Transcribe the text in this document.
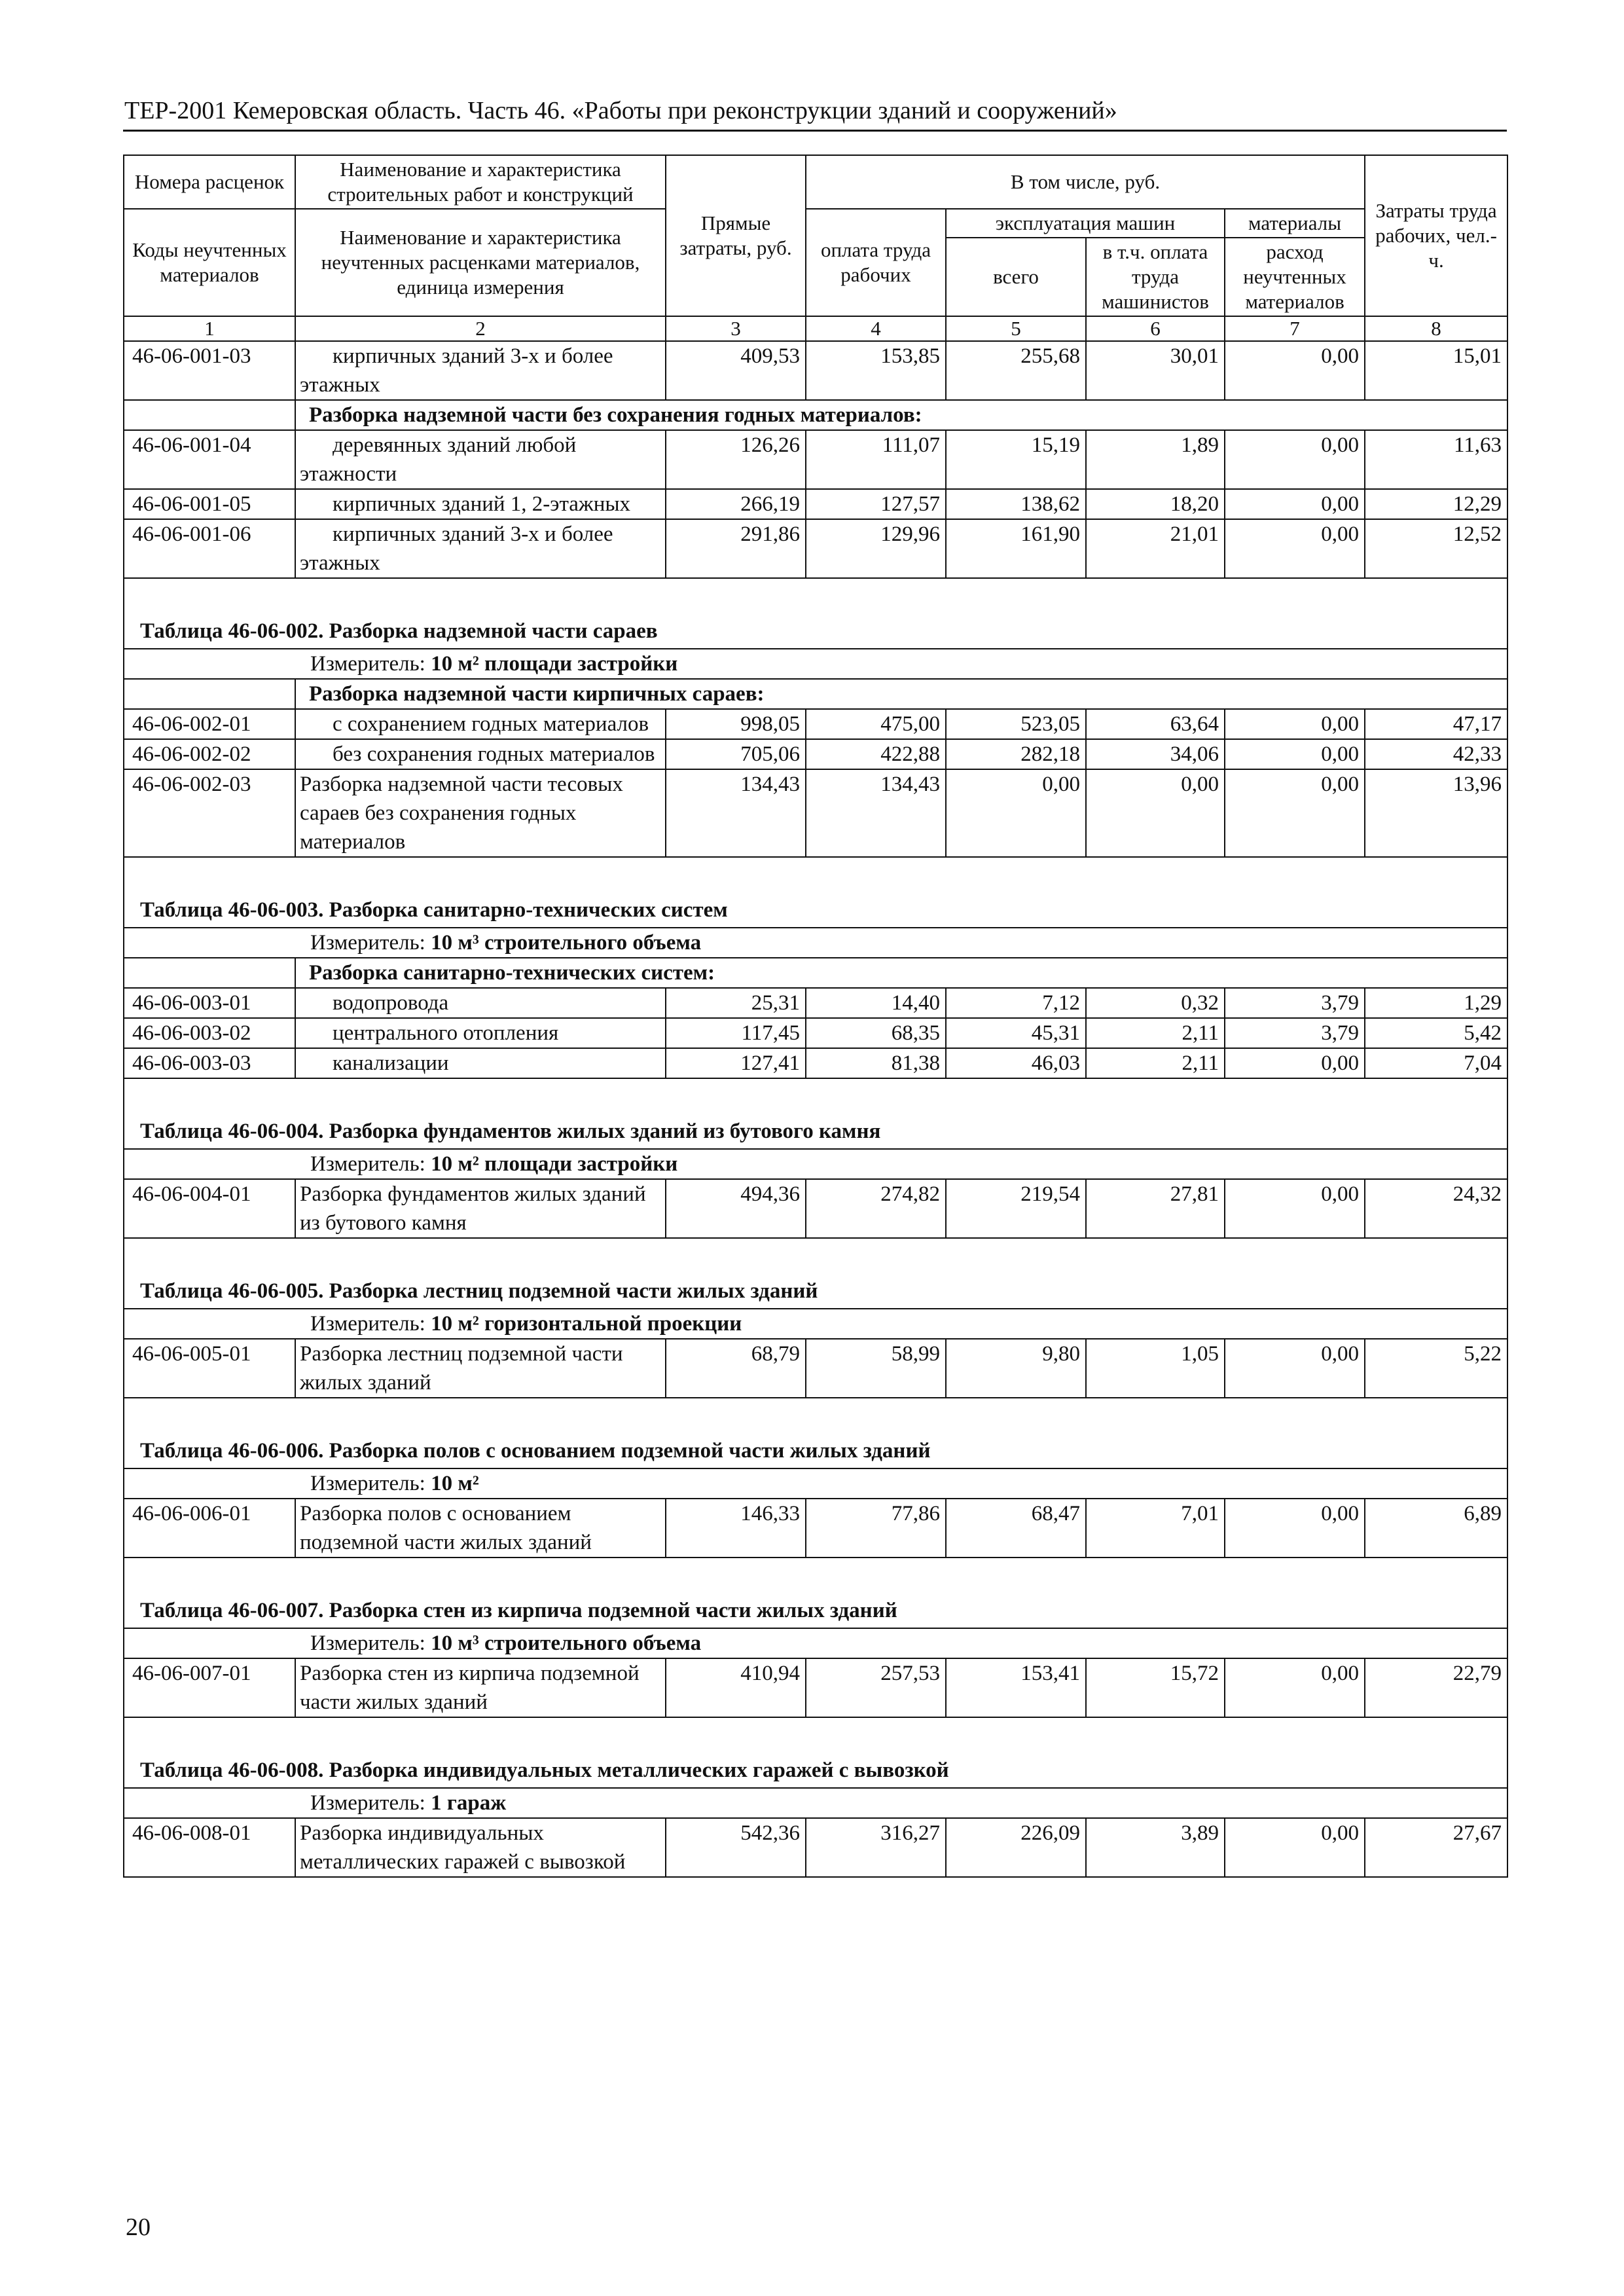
ТЕР-2001 Кемеровская область. Часть 46. «Работы при реконструкции зданий и сооружений»
Номера расценок	Наименование и характеристика строительных работ и конструкций	Прямые затраты, руб.	В том числе, руб.				Затраты труда рабочих, чел.-ч.
Коды неучтенных материалов	Наименование и характеристика неучтенных расценками материалов, единица измерения		оплата труда рабочих	эксплуатация машин		материалы	
				всего	в т.ч. оплата труда машинистов	расход неучтенных материалов	
1	2	3	4	5	6	7	8
46-06-001-03	кирпичных зданий 3-х и более этажных	409,53	153,85	255,68	30,01	0,00	15,01
	Разборка надземной части без сохранения годных материалов:						
46-06-001-04	деревянных зданий любой этажности	126,26	111,07	15,19	1,89	0,00	11,63
46-06-001-05	кирпичных зданий 1, 2-этажных	266,19	127,57	138,62	18,20	0,00	12,29
46-06-001-06	кирпичных зданий 3-х и более этажных	291,86	129,96	161,90	21,01	0,00	12,52
Таблица 46-06-002. Разборка надземной части сараев							
Измеритель: 10 м² площади застройки							
	Разборка надземной части кирпичных сараев:						
46-06-002-01	с сохранением годных материалов	998,05	475,00	523,05	63,64	0,00	47,17
46-06-002-02	без сохранения годных материалов	705,06	422,88	282,18	34,06	0,00	42,33
46-06-002-03	Разборка надземной части тесовых сараев без сохранения годных материалов	134,43	134,43	0,00	0,00	0,00	13,96
Таблица 46-06-003. Разборка санитарно-технических систем							
Измеритель: 10 м³ строительного объема							
	Разборка санитарно-технических систем:						
46-06-003-01	водопровода	25,31	14,40	7,12	0,32	3,79	1,29
46-06-003-02	центрального отопления	117,45	68,35	45,31	2,11	3,79	5,42
46-06-003-03	канализации	127,41	81,38	46,03	2,11	0,00	7,04
Таблица 46-06-004. Разборка фундаментов жилых зданий из бутового камня							
Измеритель: 10 м² площади застройки							
46-06-004-01	Разборка фундаментов жилых зданий из бутового камня	494,36	274,82	219,54	27,81	0,00	24,32
Таблица 46-06-005. Разборка лестниц подземной части жилых зданий							
Измеритель: 10 м² горизонтальной проекции							
46-06-005-01	Разборка лестниц подземной части жилых зданий	68,79	58,99	9,80	1,05	0,00	5,22
Таблица 46-06-006. Разборка полов с основанием подземной части жилых зданий							
Измеритель: 10 м²							
46-06-006-01	Разборка полов с основанием подземной части жилых зданий	146,33	77,86	68,47	7,01	0,00	6,89
Таблица 46-06-007. Разборка стен из кирпича подземной части жилых зданий							
Измеритель: 10 м³ строительного объема							
46-06-007-01	Разборка стен из кирпича подземной части жилых зданий	410,94	257,53	153,41	15,72	0,00	22,79
Таблица 46-06-008. Разборка индивидуальных металлических гаражей с вывозкой							
Измеритель: 1 гараж							
46-06-008-01	Разборка индивидуальных металлических гаражей с вывозкой	542,36	316,27	226,09	3,89	0,00	27,67
20
